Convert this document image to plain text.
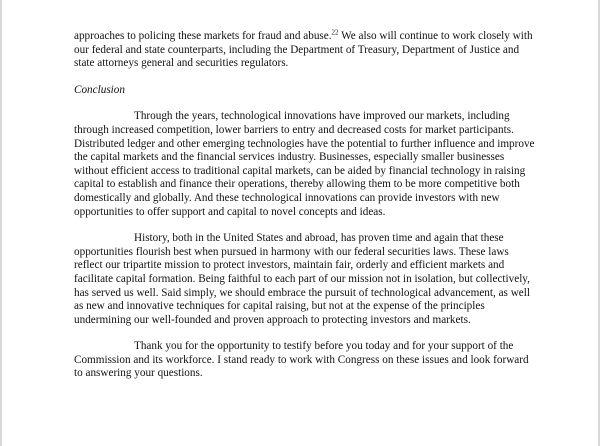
approaches to policing these markets for fraud and abuse.$^{22}$ We also will continue to work closely with our federal and state counterparts, including the Department of Treasury, Department of Justice and state attorneys general and securities regulators.

Conclusion

Through the years, technological innovations have improved our markets, including through increased competition, lower barriers to entry and decreased costs for market participants. Distributed ledger and other emerging technologies have the potential to further influence and improve the capital markets and the financial services industry. Businesses, especially smaller businesses without efficient access to traditional capital markets, can be aided by financial technology in raising capital to establish and finance their operations, thereby allowing them to be more competitive both domestically and globally. And these technological innovations can provide investors with new opportunities to offer support and capital to novel concepts and ideas.

History, both in the United States and abroad, has proven time and again that these opportunities flourish best when pursued in harmony with our federal securities laws. These laws reflect our tripartite mission to protect investors, maintain fair, orderly and efficient markets and facilitate capital formation. Being faithful to each part of our mission not in isolation, but collectively, has served us well. Said simply, we should embrace the pursuit of technological advancement, as well as new and innovative techniques for capital raising, but not at the expense of the principles undermining our well-founded and proven approach to protecting investors and markets.

Thank you for the opportunity to testify before you today and for your support of the Commission and its workforce. I stand ready to work with Congress on these issues and look forward to answering your questions.
